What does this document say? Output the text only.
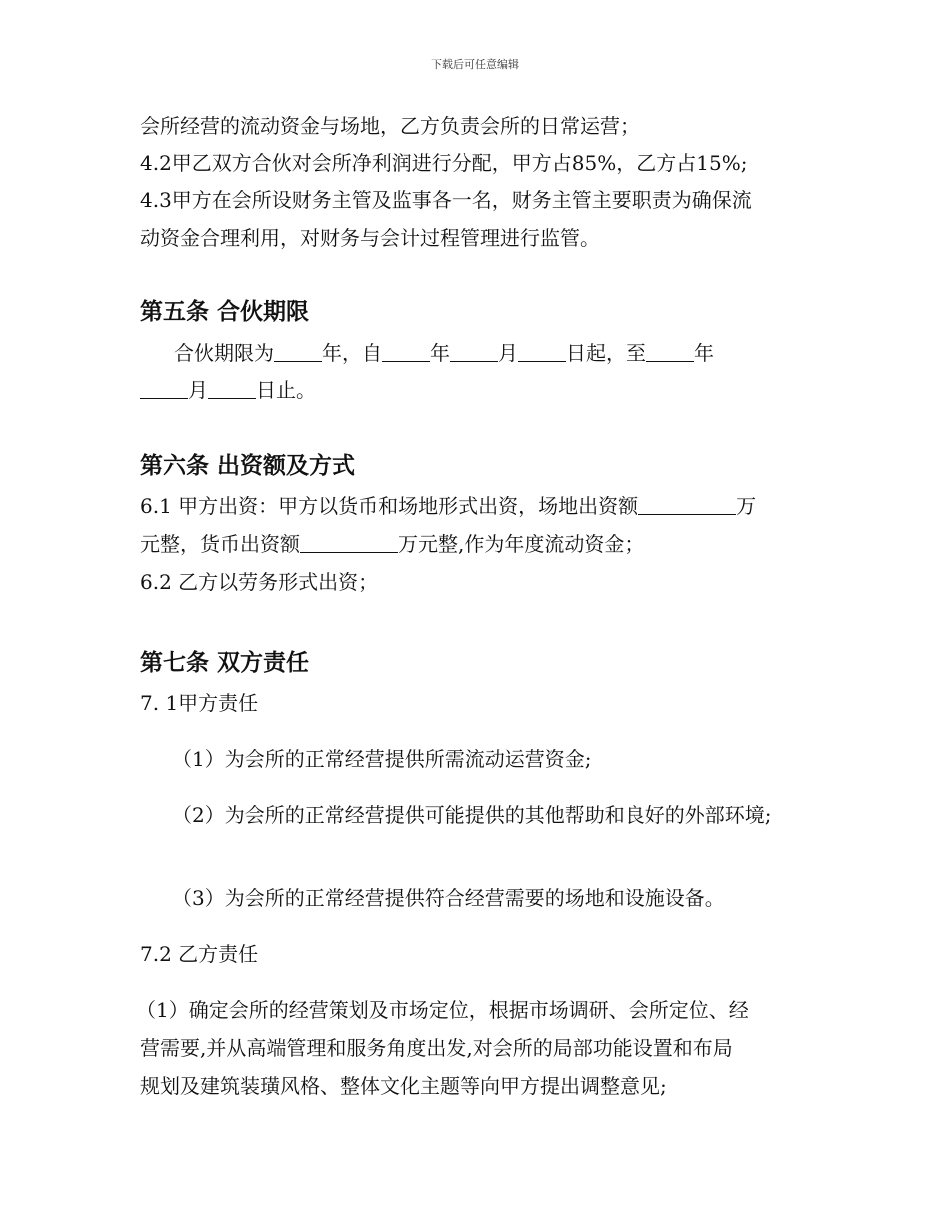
下载后可任意编辑
会所经营的流动资金与场地，乙方负责会所的日常运营；
4.2甲乙双方合伙对会所净利润进行分配，甲方占85%，乙方占15%;
4.3甲方在会所设财务主管及监事各一名，财务主管主要职责为确保流
动资金合理利用，对财务与会计过程管理进行监管。
第五条 合伙期限
合伙期限为 年，自 年 月 日起，至 年
月 日止。
第六条 出资额及方式
6.1 甲方出资：甲方以货币和场地形式出资，场地出资额	万
元整，货币出资额	万元整,作为年度流动资金；
6.2 乙方以劳务形式出资；
第七条 双方责任
7. 1甲方责任
（1）为会所的正常经营提供所需流动运营资金;
（2）为会所的正常经营提供可能提供的其他帮助和良好的外部环境;
（3）为会所的正常经营提供符合经营需要的场地和设施设备。
7.2 乙方责任
（1）确定会所的经营策划及市场定位，根据市场调研、会所定位、经
营需要,并从高端管理和服务角度出发,对会所的局部功能设置和布局
规划及建筑装璜风格、整体文化主题等向甲方提出调整意见;
